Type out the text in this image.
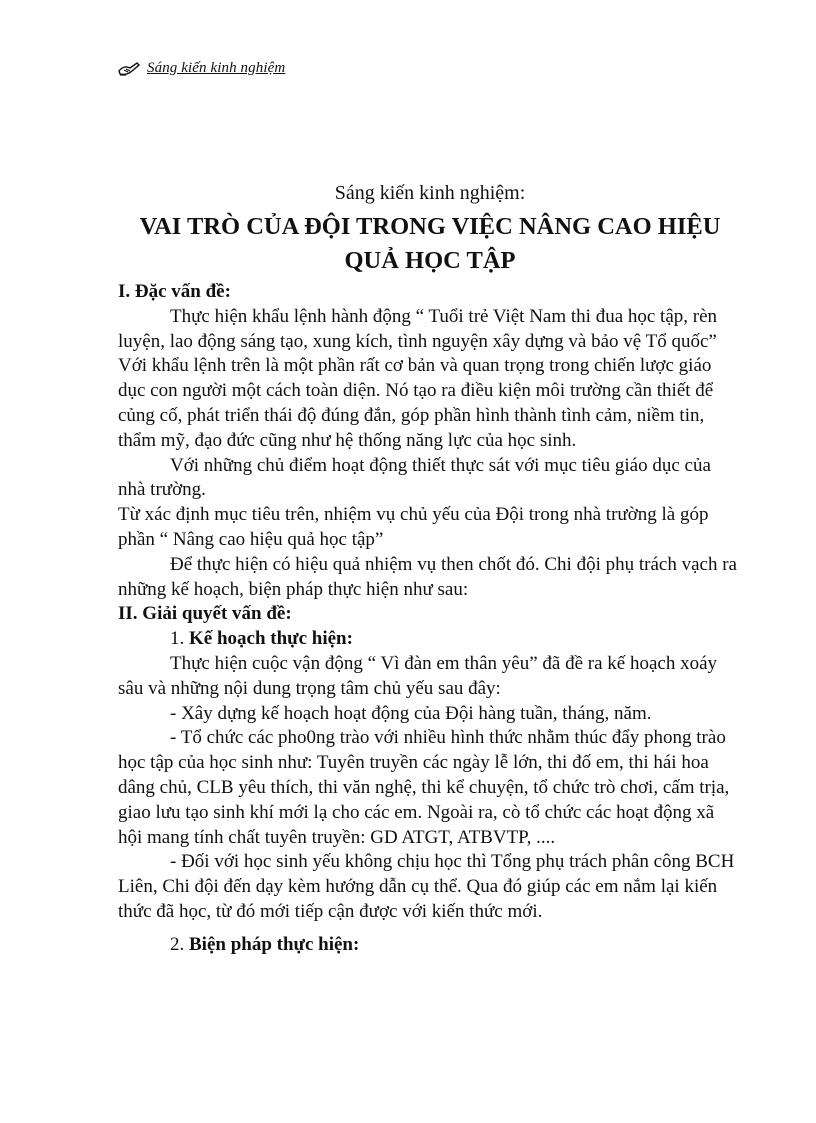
Sáng kiến kinh nghiệm

Sáng kiến kinh nghiệm:

VAI TRÒ CỦA ĐỘI TRONG VIỆC NÂNG CAO HIỆU
QUẢ HỌC TẬP

I. Đặc vấn đề:

Thực hiện khẩu lệnh hành động “ Tuổi trẻ Việt Nam thi đua học tập, rèn luyện, lao động sáng tạo, xung kích, tình nguyện xây dựng và bảo vệ Tổ quốc”

Với khẩu lệnh trên là một phần rất cơ bản và quan trọng trong chiến lược giáo dục con người một cách toàn diện. Nó tạo ra điều kiện môi trường cần thiết để củng cố, phát triển thái độ đúng đắn, góp phần hình thành tình cảm, niềm tin, thẩm mỹ, đạo đức cũng như hệ thống năng lực của học sinh.

Với những chủ điểm hoạt động thiết thực sát với mục tiêu giáo dục của nhà trường.

Từ xác định mục tiêu trên, nhiệm vụ chủ yếu của Đội trong nhà trường là góp phần “ Nâng cao hiệu quả học tập”

Để thực hiện có hiệu quả nhiệm vụ then chốt đó. Chi đội phụ trách vạch ra những kế hoạch, biện pháp thực hiện như sau:

II. Giải quyết vấn đề:

1. Kế hoạch thực hiện:

Thực hiện cuộc vận động “ Vì đàn em thân yêu” đã đề ra kế hoạch xoáy sâu và những nội dung trọng tâm chủ yếu sau đây:

- Xây dựng kế hoạch hoạt động của Đội hàng tuần, tháng, năm.

- Tổ chức các pho0ng trào với nhiều hình thức nhằm thúc đẩy phong trào học tập của học sinh như: Tuyên truyền các ngày lễ lớn, thi đố em, thi hái hoa dâng chủ, CLB yêu thích, thi văn nghệ, thi kể chuyện, tổ chức trò chơi, cấm trịa, giao lưu tạo sinh khí mới lạ cho các em. Ngoài ra, cò tổ chức các hoạt động xã hội mang tính chất tuyên truyền: GD ATGT, ATBVTP, ....

- Đối với học sinh yếu không chịu học thì Tổng phụ trách phân công BCH Liên, Chi đội đến dạy kèm hướng dẫn cụ thể. Qua đó giúp các em nắm lại kiến thức đã học, từ đó mới tiếp cận được với kiến thức mới.

2. Biện pháp thực hiện:
